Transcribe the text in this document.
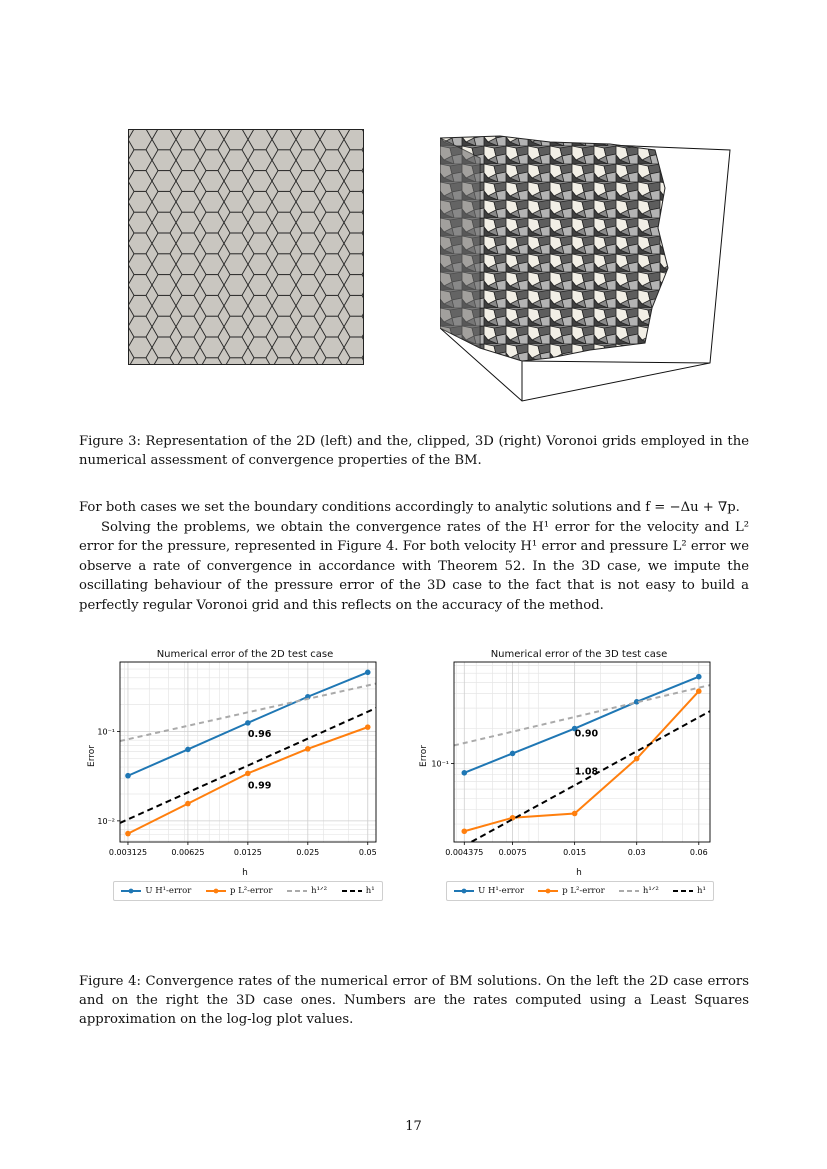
Figure 3: Representation of the 2D (left) and the, clipped, 3D (right) Voronoi grids employed in the numerical assessment of convergence properties of the BM.

For both cases we set the boundary conditions accordingly to analytic solutions and f = −Δu + ∇p.

Solving the problems, we obtain the convergence rates of the H¹ error for the velocity and L² error for the pressure, represented in Figure 4. For both velocity H¹ error and pressure L² error we observe a rate of convergence in accordance with Theorem 52. In the 3D case, we impute the oscillating behaviour of the pressure error of the 3D case to the fact that is not easy to build a perfectly regular Voronoi grid and this reflects on the accuracy of the method.

Numerical error of the 2D test case
Error
h
0.003125	0.00625	0.0125	0.025	0.05
10⁻¹
10⁻²
0.96
0.99
Numerical error of the 3D test case
Error
h
0.004375 0.0075	0.015	0.03	0.06
10⁻¹
0.90
1.08
U H¹-error	p L²-error	h¹ᐟ²	h¹	U H¹-error	p L²-error	h¹ᐟ²	h¹
Figure 4: Convergence rates of the numerical error of BM solutions. On the left the 2D case errors and on the right the 3D case ones. Numbers are the rates computed using a Least Squares approximation on the log-log plot values.
17
